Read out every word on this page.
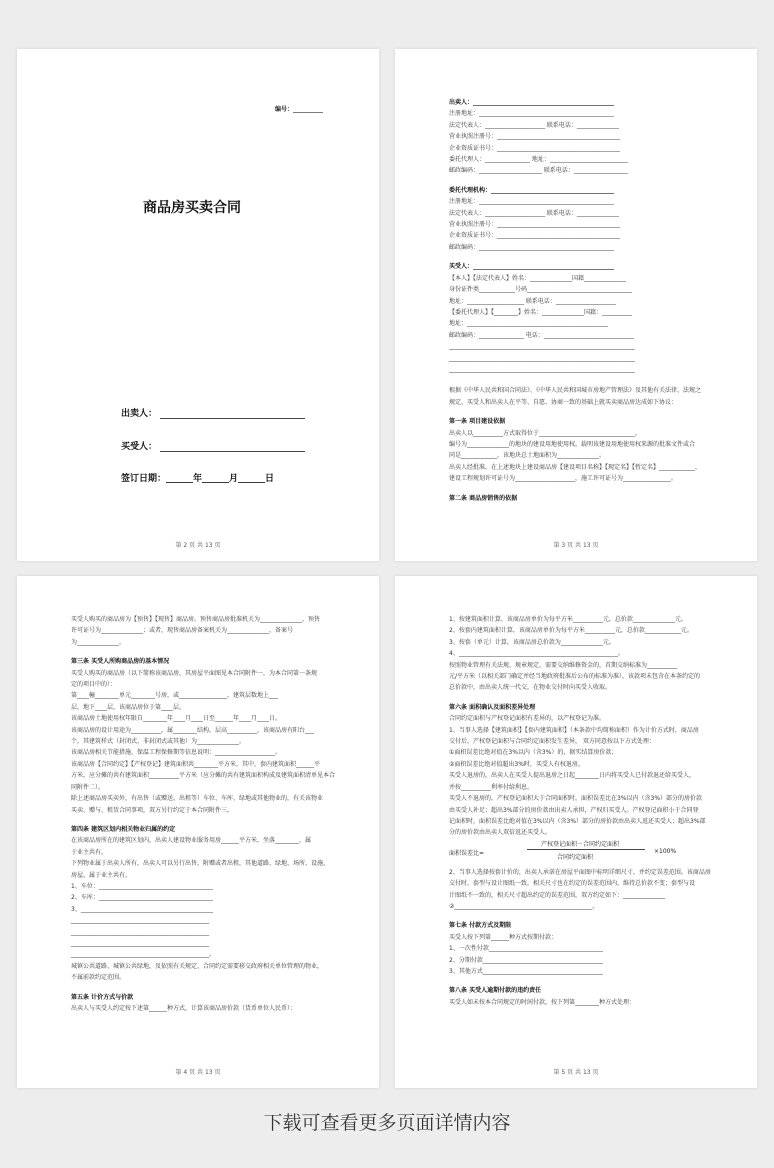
编号：__________
商品房买卖合同
出卖人：
买受人：
签订日期：______年______月______日
第 2 页 共 13 页
出卖人：_______________________________________________
注册地址：_____________________________________________
法定代表人：____________________ 联系电话：______________
营业执照注册号：_________________________________________
企业资质证书号：_________________________________________
委托代理人：_______________ 地址：__________________________
邮政编码：_____________________ 联系电话：__________________
委托代理机构：_________________________________________
注册地址：_____________________________________________
法定代表人：____________________ 联系电话：______________
营业执照注册号：_________________________________________
企业资质证书号：_________________________________________
邮政编码：_____________________________________________
买受人：_______________________________________________
【本人】【法定代表人】姓名：______________国籍______________
身份证件类____________号码___________________________________
地址：___________________ 联系电话：____________________
【委托代理人】【________】姓名：______________国籍：__________
地址：_______________________________________________
邮政编码：_______________ 电话：______________________________
______________________________________________________________
______________________________________________________________
______________________________________________________________
根据《中华人民共和国合同法》、《中华人民共和国城市房地产管理法》及其他有关法律、法规之
规定，买受人和出卖人在平等、自愿、协商一致的基础上就买卖商品房达成如下协议：
第一条 项目建设依据
出卖人以__________方式取得位于________________________________，
编号为______________的地块的建设用地使用权。载明该建设用地使用权来源的批准文件或合
同是____________，该地块总土地面积为______________。
出卖人经批准，在上述地块上建设商品房【建设项目名称】【现定名】【暂定名】____________，
建设工程规划许可证号为____________________，施工许可证号为________________。
第二条 商品房销售的依据
第 3 页 共 13 页
买受人购买的商品房为【预售】【现售】商品房。预售商品房批准机关为______________，预售
许可证号为______________；或者，现售商品房备案机关为______________，备案号
为______________。
第三条 买受人所购商品房的基本情况
买受人购买的商品房（以下简称该商品房，其房屋平面图见本合同附件一，为本合同第一条规
定的项目中的）：
第____幢________单元________号房，或________________，建筑层数地上___
层，地下____层，该商品房位于第____层。
该商品房土地使用权年限自________年____月____日至______年____月____日。
该商品房的设计用途为__________，属________结构，层高__________，该商品房有阳台___
个，其建筑样式（封闭式、非封闭式或其他）为______________。
该商品房相关节能措施、保温工程保修期等信息说明：____________________。
该商品房【合同约定】【产权登记】建筑面积共________平方米，其中，套内建筑面积______平
方米，应分摊的共有建筑面积__________平方米（应分摊的共有建筑面积构成及建筑面积清单见本合
同附件二）。
除上述商品房买卖外，有出售（或赠送、出租等）车位、车库、绿地或其他物业的，有关该物业
买卖、赠与、租赁合同事项，双方另行约定于本合同附件三。
第四条 建筑区划内相关物业归属的约定
在该商品房所在的建筑区划内，出卖人建设物业服务用房______平方米，坐落________，属
于业主共有。
下列物业属于出卖人所有，出卖人可以另行出售、附赠或者出租，其他道路、绿地、场所、设施、
房屋，属于业主共有。
1、车位：______________________________________
2、车库：______________________________________
3、____________________________________________
______________________________________________
______________________________________________
______________________________________________
______________________________________________。
城镇公共道路、城镇公共绿地，及依照有关规定、合同约定需要移交政府相关单位管理的物业，
不属前款约定范围。
第五条 计价方式与价款
出卖人与买受人约定按下述第______种方式，计算该商品房价款（货币单位人民币）：
第 4 页 共 13 页
1、按建筑面积计算，该商品房单价为每平方米__________元，总价款______________元。
2、按套内建筑面积计算，该商品房单价为每平方米__________元，总价款____________元。
3、按套（单元）计算，该商品房总价款为______________元。
4、_____________________________________________________。
按照物业管理有关法规、规章规定，需要交纳维修资金的，首期交纳标准为__________
元/平方米（以相关部门确定并经当地政府批准后公布的标准为准），该款项未包含在本条约定的
总价款中，由出卖人统一代交，在物业交付时向买受人收取。
第六条 面积确认及面积差异处理
合同约定面积与产权登记面积有差异的，以产权登记为准。
1、当事人选择【建筑面积】【套内建筑面积】（本条款中均简称面积）作为计价方式时，商品房
交付后，产权登记面积与合同约定面积发生差异， 双方同意按以下方式处理：
①面积误差比绝对值在3%以内（含3%）的，据实结算房价款；
②面积误差比绝对值超出3%时，买受人有权退房。
买受人退房的，出卖人在买受人提出退房之日起________日内将买受人已付款退还给买受人，
并按__________利率付给利息。
买受人不退房的，产权登记面积大于合同面积时，面积误差比在3%以内（含3%）部分的房价款
由买受人补足；超出3%部分的房价款由出卖人承担，产权归买受人。产权登记面积小于合同登
记面积时，面积误差比绝对值在3%以内（含3%）部分的房价款由出卖人返还买受人；超出3%部
分的房价款由出卖人双倍返还买受人。
面积误差比=
产权登记面积－合同约定面积
合同约定面积
×100%
2、当事人选择按套计价的，出卖人承诺在房屋平面图中标明详细尺寸，并约定误差范围。该商品房
交付时，套型与设计图纸一致，相关尺寸也在约定的误差范围内，维持总价款不变；套型与设
计图纸不一致的，相关尺寸超出约定的误差范围，双方约定如下：______________
②______________________________________________。
第七条 付款方式及期限
买受人按下列第______种方式按期付款：
1、一次性付款______________________________________
2、分期付款________________________________________
3、其他方式________________________________________
第八条 买受人逾期付款的违约责任
买受人如未按本合同规定的时间付款，按下列第________种方式处理：
第 5 页 共 13 页
下载可查看更多页面详情内容
